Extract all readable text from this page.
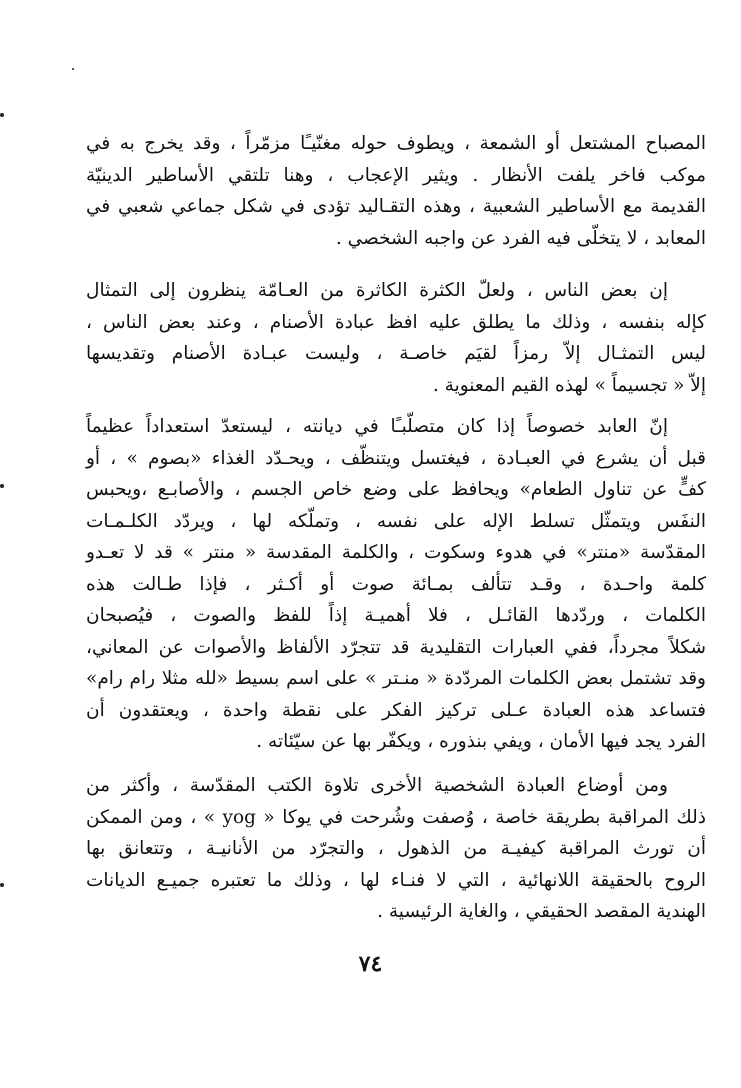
المصباح المشتعل أو الشمعة ، ويطوف حوله مغنّيـًا مزمّراً ، وقد يخرج به في
موكب فاخر يلفت الأنظار . ويثير الإعجاب ، وهنا تلتقي الأساطير الدينيّة
القديمة مع الأساطير الشعبية ، وهذه التقـاليد تؤدى في شكل جماعي شعبي في
المعابد ، لا يتخلّى فيه الفرد عن واجبه الشخصي .
إن بعض الناس ، ولعلّ الكثرة الكاثرة من العـامّة ينظرون إلى التمثال
كإله بنفسه ، وذلك ما يطلق عليه افظ عبادة الأصنام ، وعند بعض الناس ،
ليس التمثـال إلاّ رمزاً لقيَم خاصـة ، وليست عبـادة الأصنام وتقديسها
إلاّ « تجسيماً » لهذه القيم المعنوية .
إنّ العابد خصوصاً إذا كان متصلّبـًا في ديانته ، ليستعدّ استعداداً عظيماً
قبل أن يشرع في العبـادة ، فيغتسل ويتنظّف ، ويحـدّد الغذاء «بصوم » ، أو
كفٍّ عن تناول الطعام» ويحافظ على وضع خاص الجسم ، والأصابـع ،ويحبس
النفَس ويتمثّل تسلط الإله على نفسه ، وتملّكه لها ، ويردّد الكلـمـات
المقدّسة «منتر» في هدوء وسكوت ، والكلمة المقدسة « منتر » قد لا تعـدو
كلمة واحـدة ، وقـد تتألف بمـائة صوت أو أكـثر ، فإذا طـالت هذه
الكلمات ، وردّدها القائـل ، فلا أهميـة إذاً للفظ والصوت ، فيُصبحان
شكلاً مجرداً، ففي العبارات التقليدية قد تتجرّد الألفاظ والأصوات عن المعاني،
وقد تشتمل بعض الكلمات المردّدة « منـتر » على اسم بسيط «لله مثلا رام رام»
فتساعد هذه العبادة عـلى تركيز الفكر على نقطة واحدة ، ويعتقدون أن
الفرد يجد فيها الأمان ، ويفي بنذوره ، ويكفّر بها عن سيّئاته .
ومن أوضاع العبادة الشخصية الأخرى تلاوة الكتب المقدّسة ، وأكثر من
ذلك المراقبة بطريقة خاصة ، وُصفت وشُرحت في يوكا « yog » ، ومن الممكن
أن تورث المراقبة كيفيـة من الذهول ، والتجرّد من الأنانيـة ، وتتعانق بها
الروح بالحقيقة اللانهائية ، التي لا فنـاء لها ، وذلك ما تعتبره جميـع الديانات
الهندية المقصد الحقيقي ، والغاية الرئيسية .
٧٤
